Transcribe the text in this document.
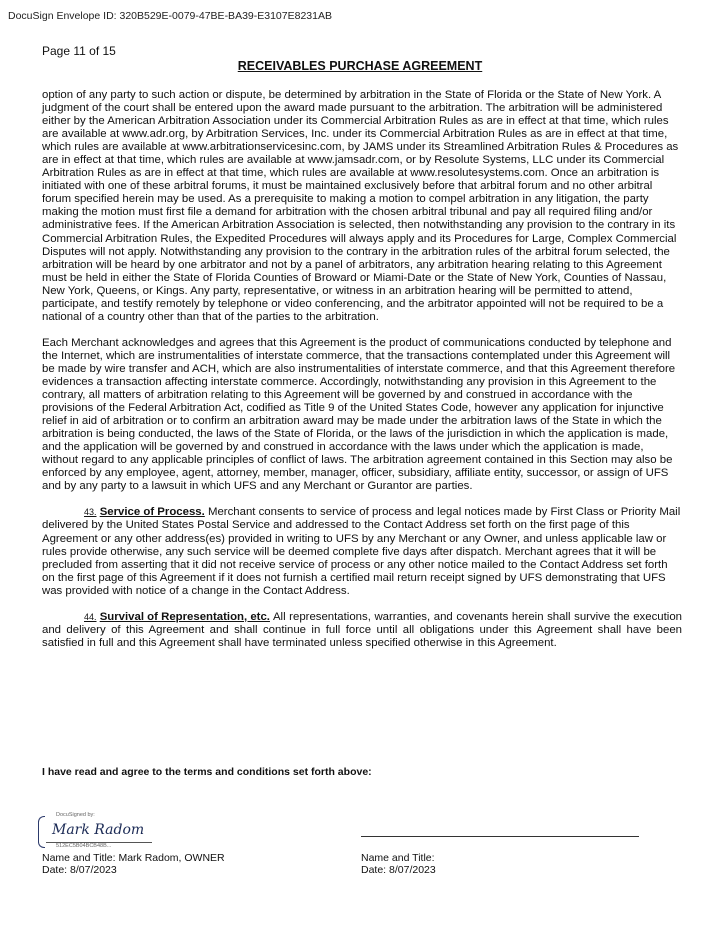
DocuSign Envelope ID: 320B529E-0079-47BE-BA39-E3107E8231AB
Page 11 of 15
RECEIVABLES PURCHASE AGREEMENT

option of any party to such action or dispute, be determined by arbitration in the State of Florida or the State of New York. A judgment of the court shall be entered upon the award made pursuant to the arbitration. The arbitration will be administered either by the American Arbitration Association under its Commercial Arbitration Rules as are in effect at that time, which rules are available at www.adr.org, by Arbitration Services, Inc. under its Commercial Arbitration Rules as are in effect at that time, which rules are available at www.arbitrationservicesinc.com, by JAMS under its Streamlined Arbitration Rules & Procedures as are in effect at that time, which rules are available at www.jamsadr.com, or by Resolute Systems, LLC under its Commercial Arbitration Rules as are in effect at that time, which rules are available at www.resolutesystems.com. Once an arbitration is initiated with one of these arbitral forums, it must be maintained exclusively before that arbitral forum and no other arbitral forum specified herein may be used. As a prerequisite to making a motion to compel arbitration in any litigation, the party making the motion must first file a demand for arbitration with the chosen arbitral tribunal and pay all required filing and/or administrative fees. If the American Arbitration Association is selected, then notwithstanding any provision to the contrary in its Commercial Arbitration Rules, the Expedited Procedures will always apply and its Procedures for Large, Complex Commercial Disputes will not apply. Notwithstanding any provision to the contrary in the arbitration rules of the arbitral forum selected, the arbitration will be heard by one arbitrator and not by a panel of arbitrators, any arbitration hearing relating to this Agreement must be held in either the State of Florida Counties of Broward or Miami-Date or the State of New York, Counties of Nassau, New York, Queens, or Kings. Any party, representative, or witness in an arbitration hearing will be permitted to attend, participate, and testify remotely by telephone or video conferencing, and the arbitrator appointed will not be required to be a national of a country other than that of the parties to the arbitration.

Each Merchant acknowledges and agrees that this Agreement is the product of communications conducted by telephone and the Internet, which are instrumentalities of interstate commerce, that the transactions contemplated under this Agreement will be made by wire transfer and ACH, which are also instrumentalities of interstate commerce, and that this Agreement therefore evidences a transaction affecting interstate commerce. Accordingly, notwithstanding any provision in this Agreement to the contrary, all matters of arbitration relating to this Agreement will be governed by and construed in accordance with the provisions of the Federal Arbitration Act, codified as Title 9 of the United States Code, however any application for injunctive relief in aid of arbitration or to confirm an arbitration award may be made under the arbitration laws of the State in which the arbitration is being conducted, the laws of the State of Florida, or the laws of the jurisdiction in which the application is made, and the application will be governed by and construed in accordance with the laws under which the application is made, without regard to any applicable principles of conflict of laws. The arbitration agreement contained in this Section may also be enforced by any employee, agent, attorney, member, manager, officer, subsidiary, affiliate entity, successor, or assign of UFS and by any party to a lawsuit in which UFS and any Merchant or Gurantor are parties.

43. Service of Process. Merchant consents to service of process and legal notices made by First Class or Priority Mail delivered by the United States Postal Service and addressed to the Contact Address set forth on the first page of this Agreement or any other address(es) provided in writing to UFS by any Merchant or any Owner, and unless applicable law or rules provide otherwise, any such service will be deemed complete five days after dispatch. Merchant agrees that it will be precluded from asserting that it did not receive service of process or any other notice mailed to the Contact Address set forth on the first page of this Agreement if it does not furnish a certified mail return receipt signed by UFS demonstrating that UFS was provided with notice of a change in the Contact Address.

44. Survival of Representation, etc. All representations, warranties, and covenants herein shall survive the execution and delivery of this Agreement and shall continue in full force until all obligations under this Agreement shall have been satisfied in full and this Agreement shall have terminated unless specified otherwise in this Agreement.

I have read and agree to the terms and conditions set forth above:
DocuSigned by:
Mark Radom
512EC5B04BCB48B...
Name and Title: Mark Radom, OWNER
Date: 8/07/2023
Name and Title:
Date: 8/07/2023
